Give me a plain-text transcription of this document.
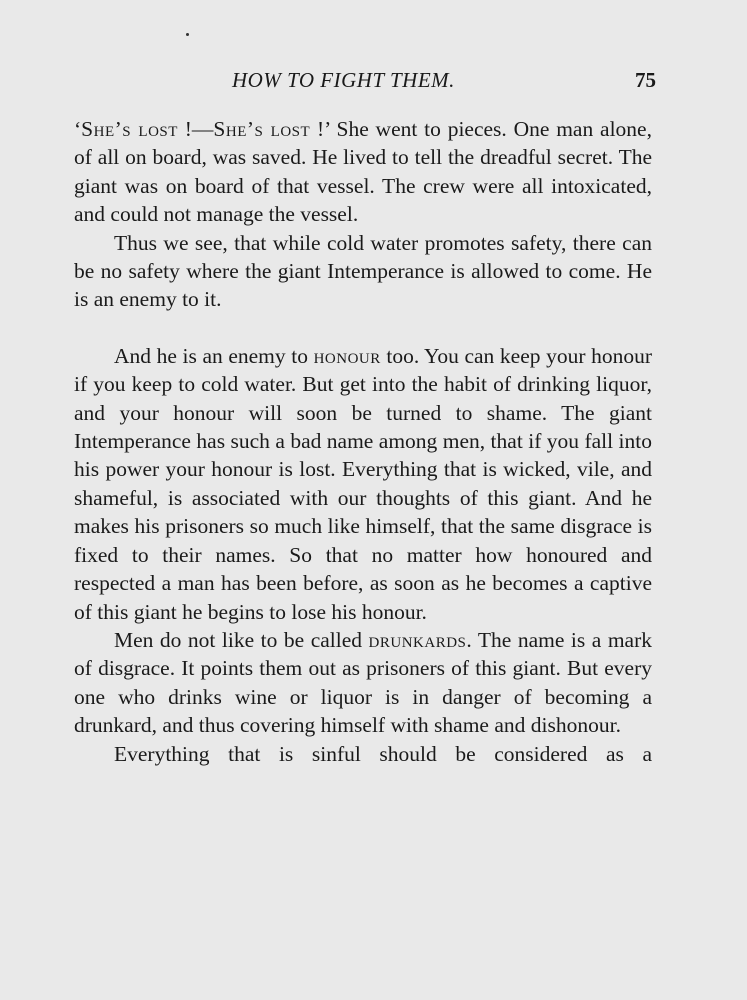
HOW TO FIGHT THEM.	75

‘She’s lost !—She’s lost !’ She went to pieces. One man alone, of all on board, was saved. He lived to tell the dreadful secret. The giant was on board of that vessel. The crew were all intoxicated, and could not manage the vessel.

Thus we see, that while cold water promotes safety, there can be no safety where the giant Intemperance is allowed to come. He is an enemy to it.

And he is an enemy to honour too. You can keep your honour if you keep to cold water. But get into the habit of drinking liquor, and your honour will soon be turned to shame. The giant Intemperance has such a bad name among men, that if you fall into his power your honour is lost. Everything that is wicked, vile, and shameful, is associated with our thoughts of this giant. And he makes his prisoners so much like himself, that the same disgrace is fixed to their names. So that no matter how honoured and respected a man has been before, as soon as he becomes a captive of this giant he begins to lose his honour.

Men do not like to be called drunkards. The name is a mark of disgrace. It points them out as prisoners of this giant. But every one who drinks wine or liquor is in danger of becoming a drunkard, and thus covering himself with shame and dishonour.

Everything that is sinful should be considered as a
